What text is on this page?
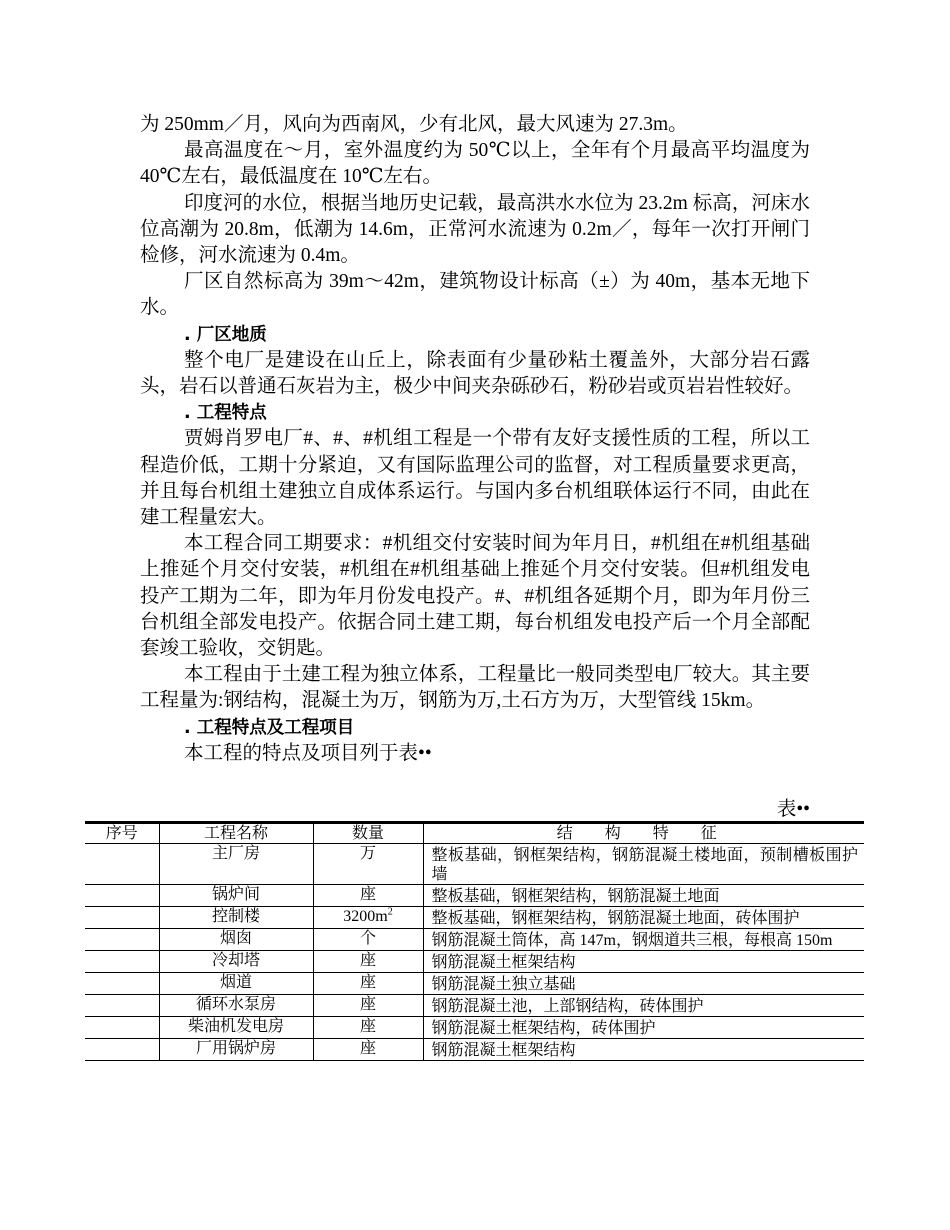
为 250mm／月，风向为西南风，少有北风，最大风速为 27.3m。

最高温度在～月，室外温度约为 50℃以上，全年有个月最高平均温度为 40℃左右，最低温度在 10℃左右。

印度河的水位，根据当地历史记载，最高洪水水位为 23.2m 标高，河床水位高潮为 20.8m，低潮为 14.6m，正常河水流速为 0.2m／，每年一次打开闸门检修，河水流速为 0.4m。

厂区自然标高为 39m～42m，建筑物设计标高（±）为 40m，基本无地下水。

. 厂区地质

整个电厂是建设在山丘上，除表面有少量砂粘土覆盖外，大部分岩石露头，岩石以普通石灰岩为主，极少中间夹杂砾砂石，粉砂岩或页岩岩性较好。

. 工程特点

贾姆肖罗电厂#、#、#机组工程是一个带有友好支援性质的工程，所以工程造价低，工期十分紧迫，又有国际监理公司的监督，对工程质量要求更高，并且每台机组土建独立自成体系运行。与国内多台机组联体运行不同，由此在建工程量宏大。

本工程合同工期要求：#机组交付安装时间为年月日，#机组在#机组基础上推延个月交付安装，#机组在#机组基础上推延个月交付安装。但#机组发电投产工期为二年，即为年月份发电投产。#、#机组各延期个月，即为年月份三台机组全部发电投产。依据合同土建工期，每台机组发电投产后一个月全部配套竣工验收，交钥匙。

本工程由于土建工程为独立体系，工程量比一般同类型电厂较大。其主要工程量为:钢结构，混凝土为万，钢筋为万,土石方为万，大型管线 15km。

. 工程特点及工程项目

本工程的特点及项目列于表••

表••
序号	工程名称	数量	结 构 特 征
	主厂房	万	整板基础，钢框架结构，钢筋混凝土楼地面，预制槽板围护墙
	锅炉间	座	整板基础，钢框架结构，钢筋混凝土地面
	控制楼	$3200m^2$	整板基础，钢框架结构，钢筋混凝土地面，砖体围护
	烟囱	个	钢筋混凝土筒体，高 147m，钢烟道共三根，每根高 150m
	冷却塔	座	钢筋混凝土框架结构
	烟道	座	钢筋混凝土独立基础
	循环水泵房	座	钢筋混凝土池，上部钢结构，砖体围护
	柴油机发电房	座	钢筋混凝土框架结构，砖体围护
	厂用锅炉房	座	钢筋混凝土框架结构
